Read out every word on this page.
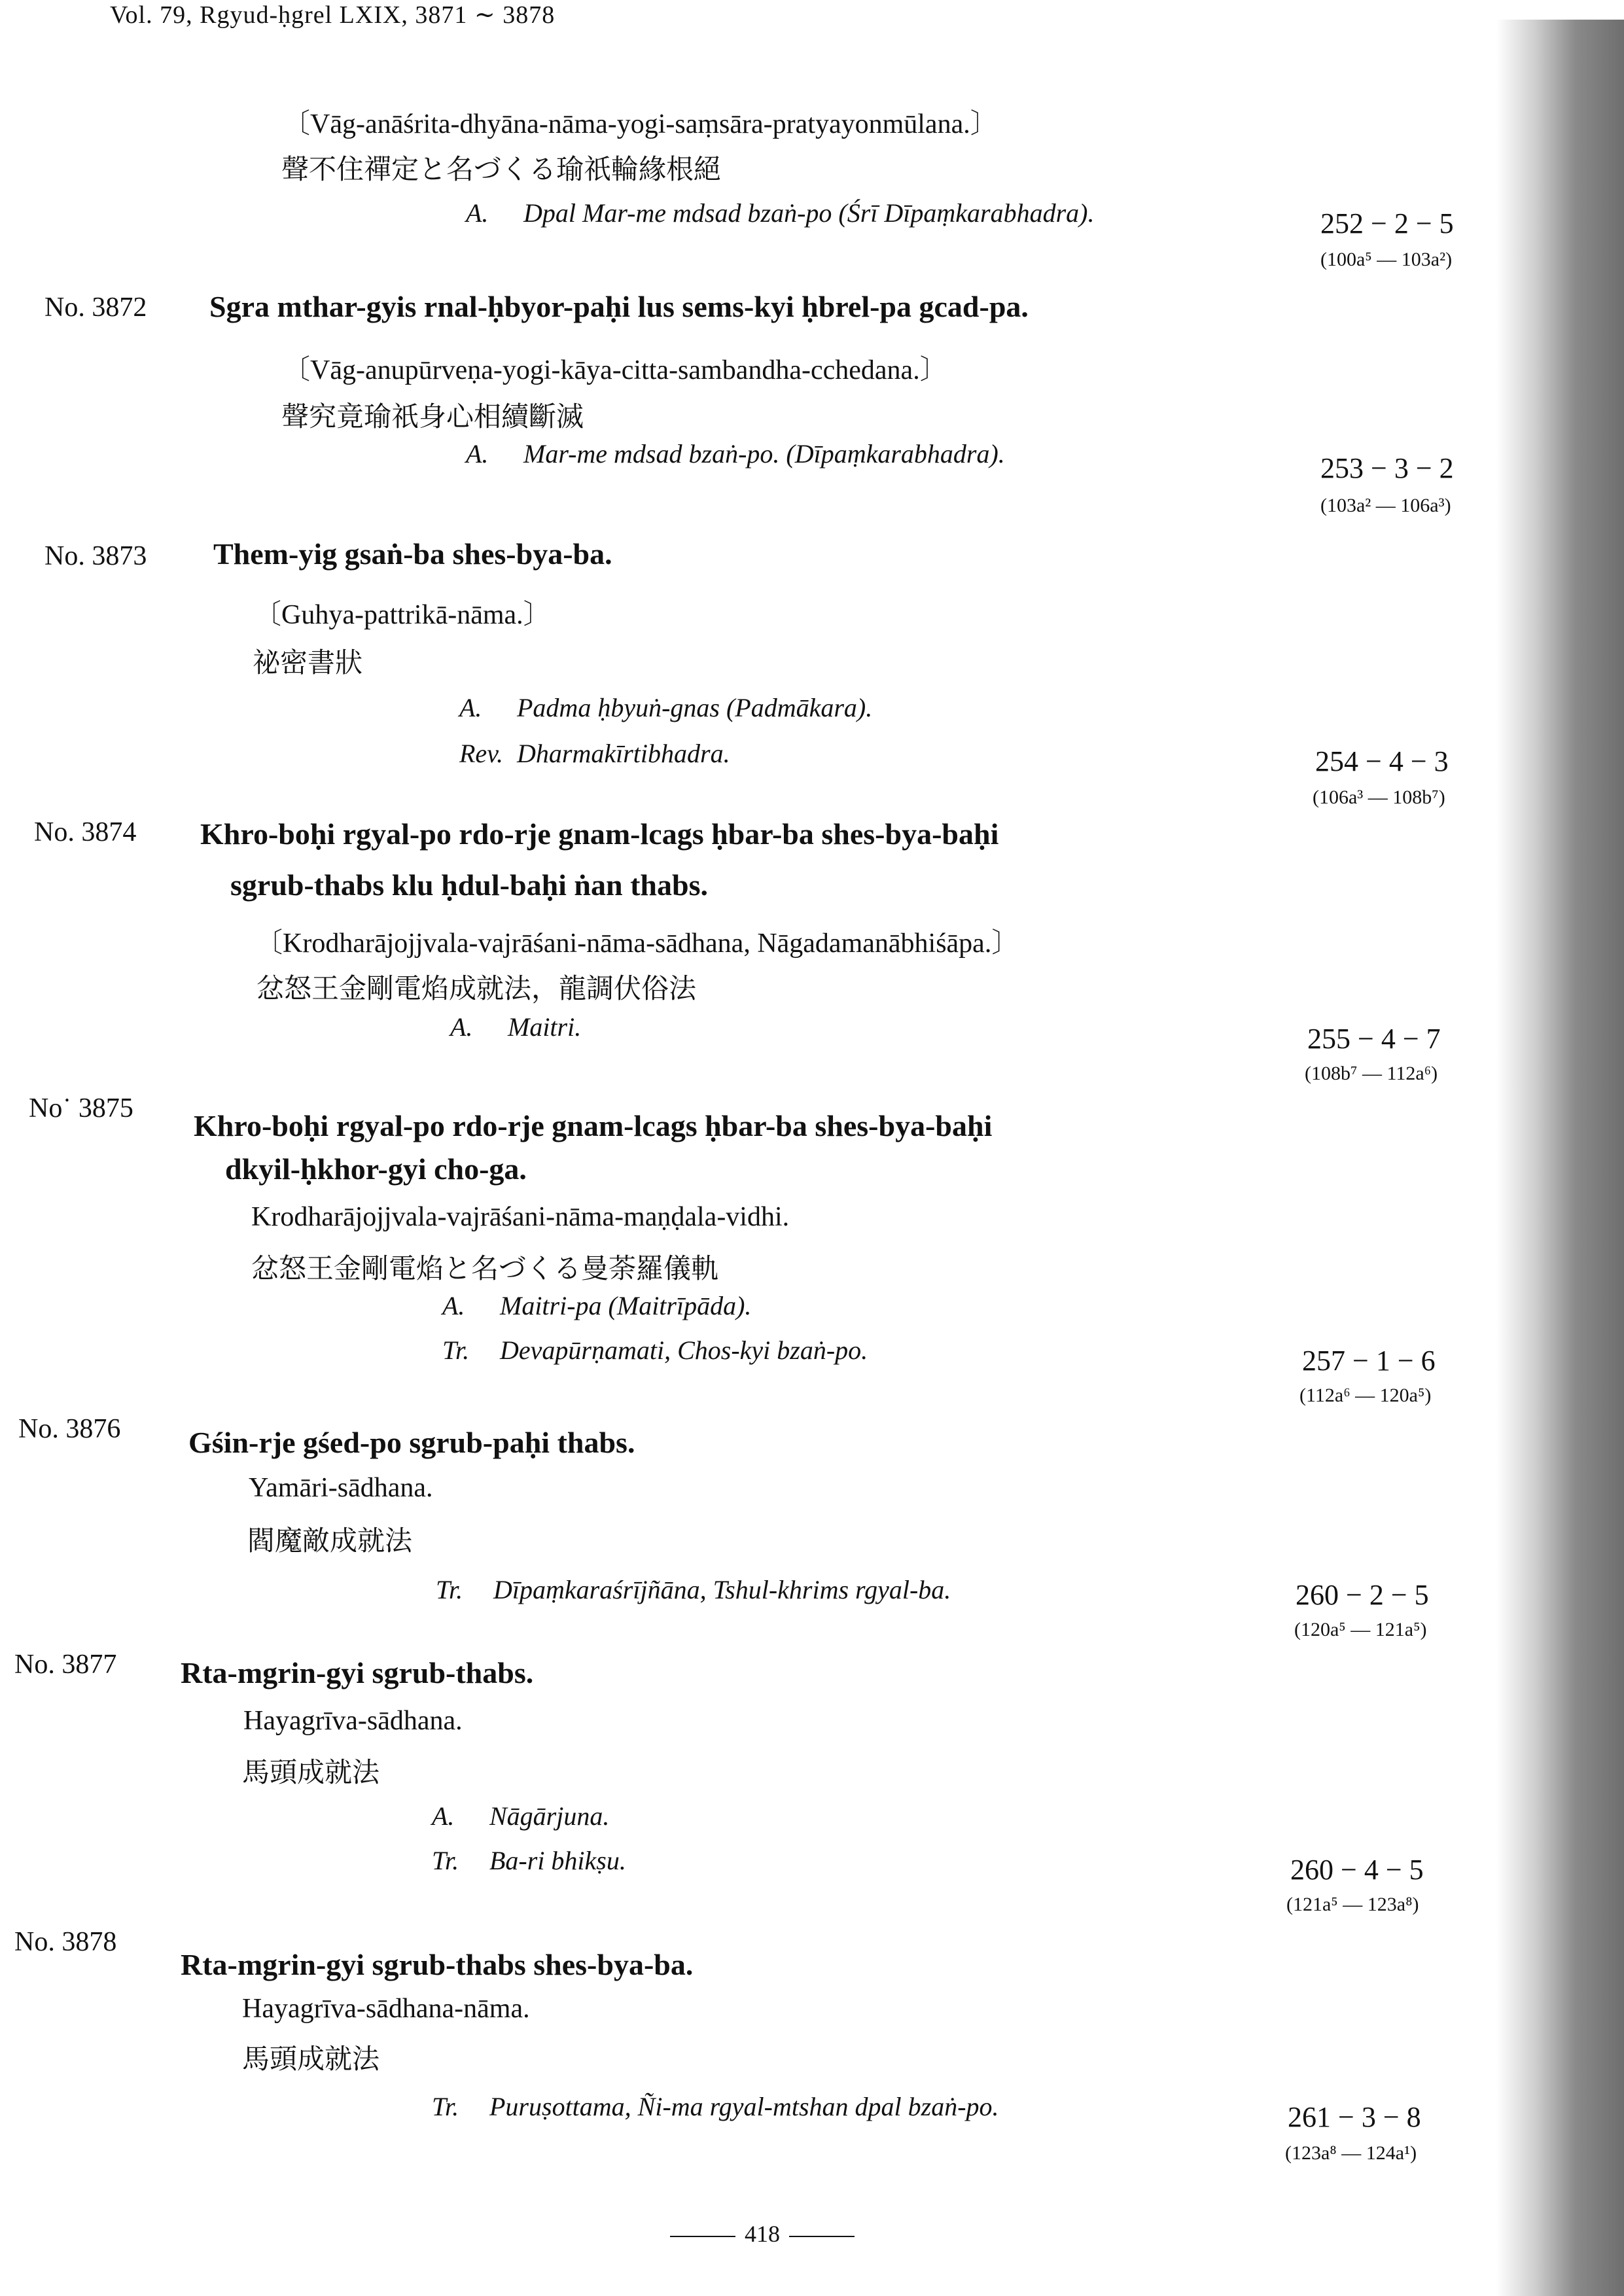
Vol. 79, Rgyud-ḥgrel LXIX, 3871 ∼ 3878
〔Vāg-anāśrita-dhyāna-nāma-yogi-saṃsāra-pratyayonmūlana.〕
聲不住禪定と名づくる瑜祇輪緣根絕
A. Dpal Mar-me mdsad bzaṅ-po (Śrī Dīpaṃkarabhadra).	252 − 2 − 5
(100a⁵ — 103a²)
No. 3872 Sgra mthar-gyis rnal-ḥbyor-paḥi lus sems-kyi ḥbrel-pa gcad-pa.
〔Vāg-anupūrveṇa-yogi-kāya-citta-sambandha-cchedana.〕
聲究竟瑜祇身心相續斷滅
A. Mar-me mdsad bzaṅ-po. (Dīpaṃkarabhadra).	253 − 3 − 2
(103a² — 106a³)
No. 3873 Them-yig gsaṅ-ba shes-bya-ba.
〔Guhya-pattrikā-nāma.〕
祕密書狀
A. Padma ḥbyuṅ-gnas (Padmākara).
Rev. Dharmakīrtibhadra.	254 − 4 − 3
(106a³ — 108b⁷)
No. 3874 Khro-boḥi rgyal-po rdo-rje gnam-lcags ḥbar-ba shes-bya-baḥi
sgrub-thabs klu ḥdul-baḥi ṅan thabs.
〔Krodharājojjvala-vajrāśani-nāma-sādhana, Nāgadamanābhiśāpa.〕
忿怒王金剛電焰成就法，龍調伏俗法
A. Maitri.	255 − 4 − 7
(108b⁷ — 112a⁶)
No˙ 3875
Khro-boḥi rgyal-po rdo-rje gnam-lcags ḥbar-ba shes-bya-baḥi
dkyil-ḥkhor-gyi cho-ga.
Krodharājojjvala-vajrāśani-nāma-maṇḍala-vidhi.
忿怒王金剛電焰と名づくる曼荼羅儀軌
A. Maitri-pa (Maitrīpāda).
Tr. Devapūrṇamati, Chos-kyi bzaṅ-po.	257 − 1 − 6
(112a⁶ — 120a⁵)
No. 3876 Gśin-rje gśed-po sgrub-paḥi thabs.
Yamāri-sādhana.
閻魔敵成就法
Tr. Dīpaṃkaraśrījñāna, Tshul-khrims rgyal-ba.	260 − 2 − 5
(120a⁵ — 121a⁵)
No. 3877 Rta-mgrin-gyi sgrub-thabs.
Hayagrīva-sādhana.
馬頭成就法
A. Nāgārjuna.
Tr. Ba-ri bhikṣu.	260 − 4 − 5
(121a⁵ — 123a⁸)
No. 3878
Rta-mgrin-gyi sgrub-thabs shes-bya-ba.
Hayagrīva-sādhana-nāma.
馬頭成就法
Tr. Puruṣottama, Ñi-ma rgyal-mtshan dpal bzaṅ-po.	261 − 3 − 8
(123a⁸ — 124a¹)
418
